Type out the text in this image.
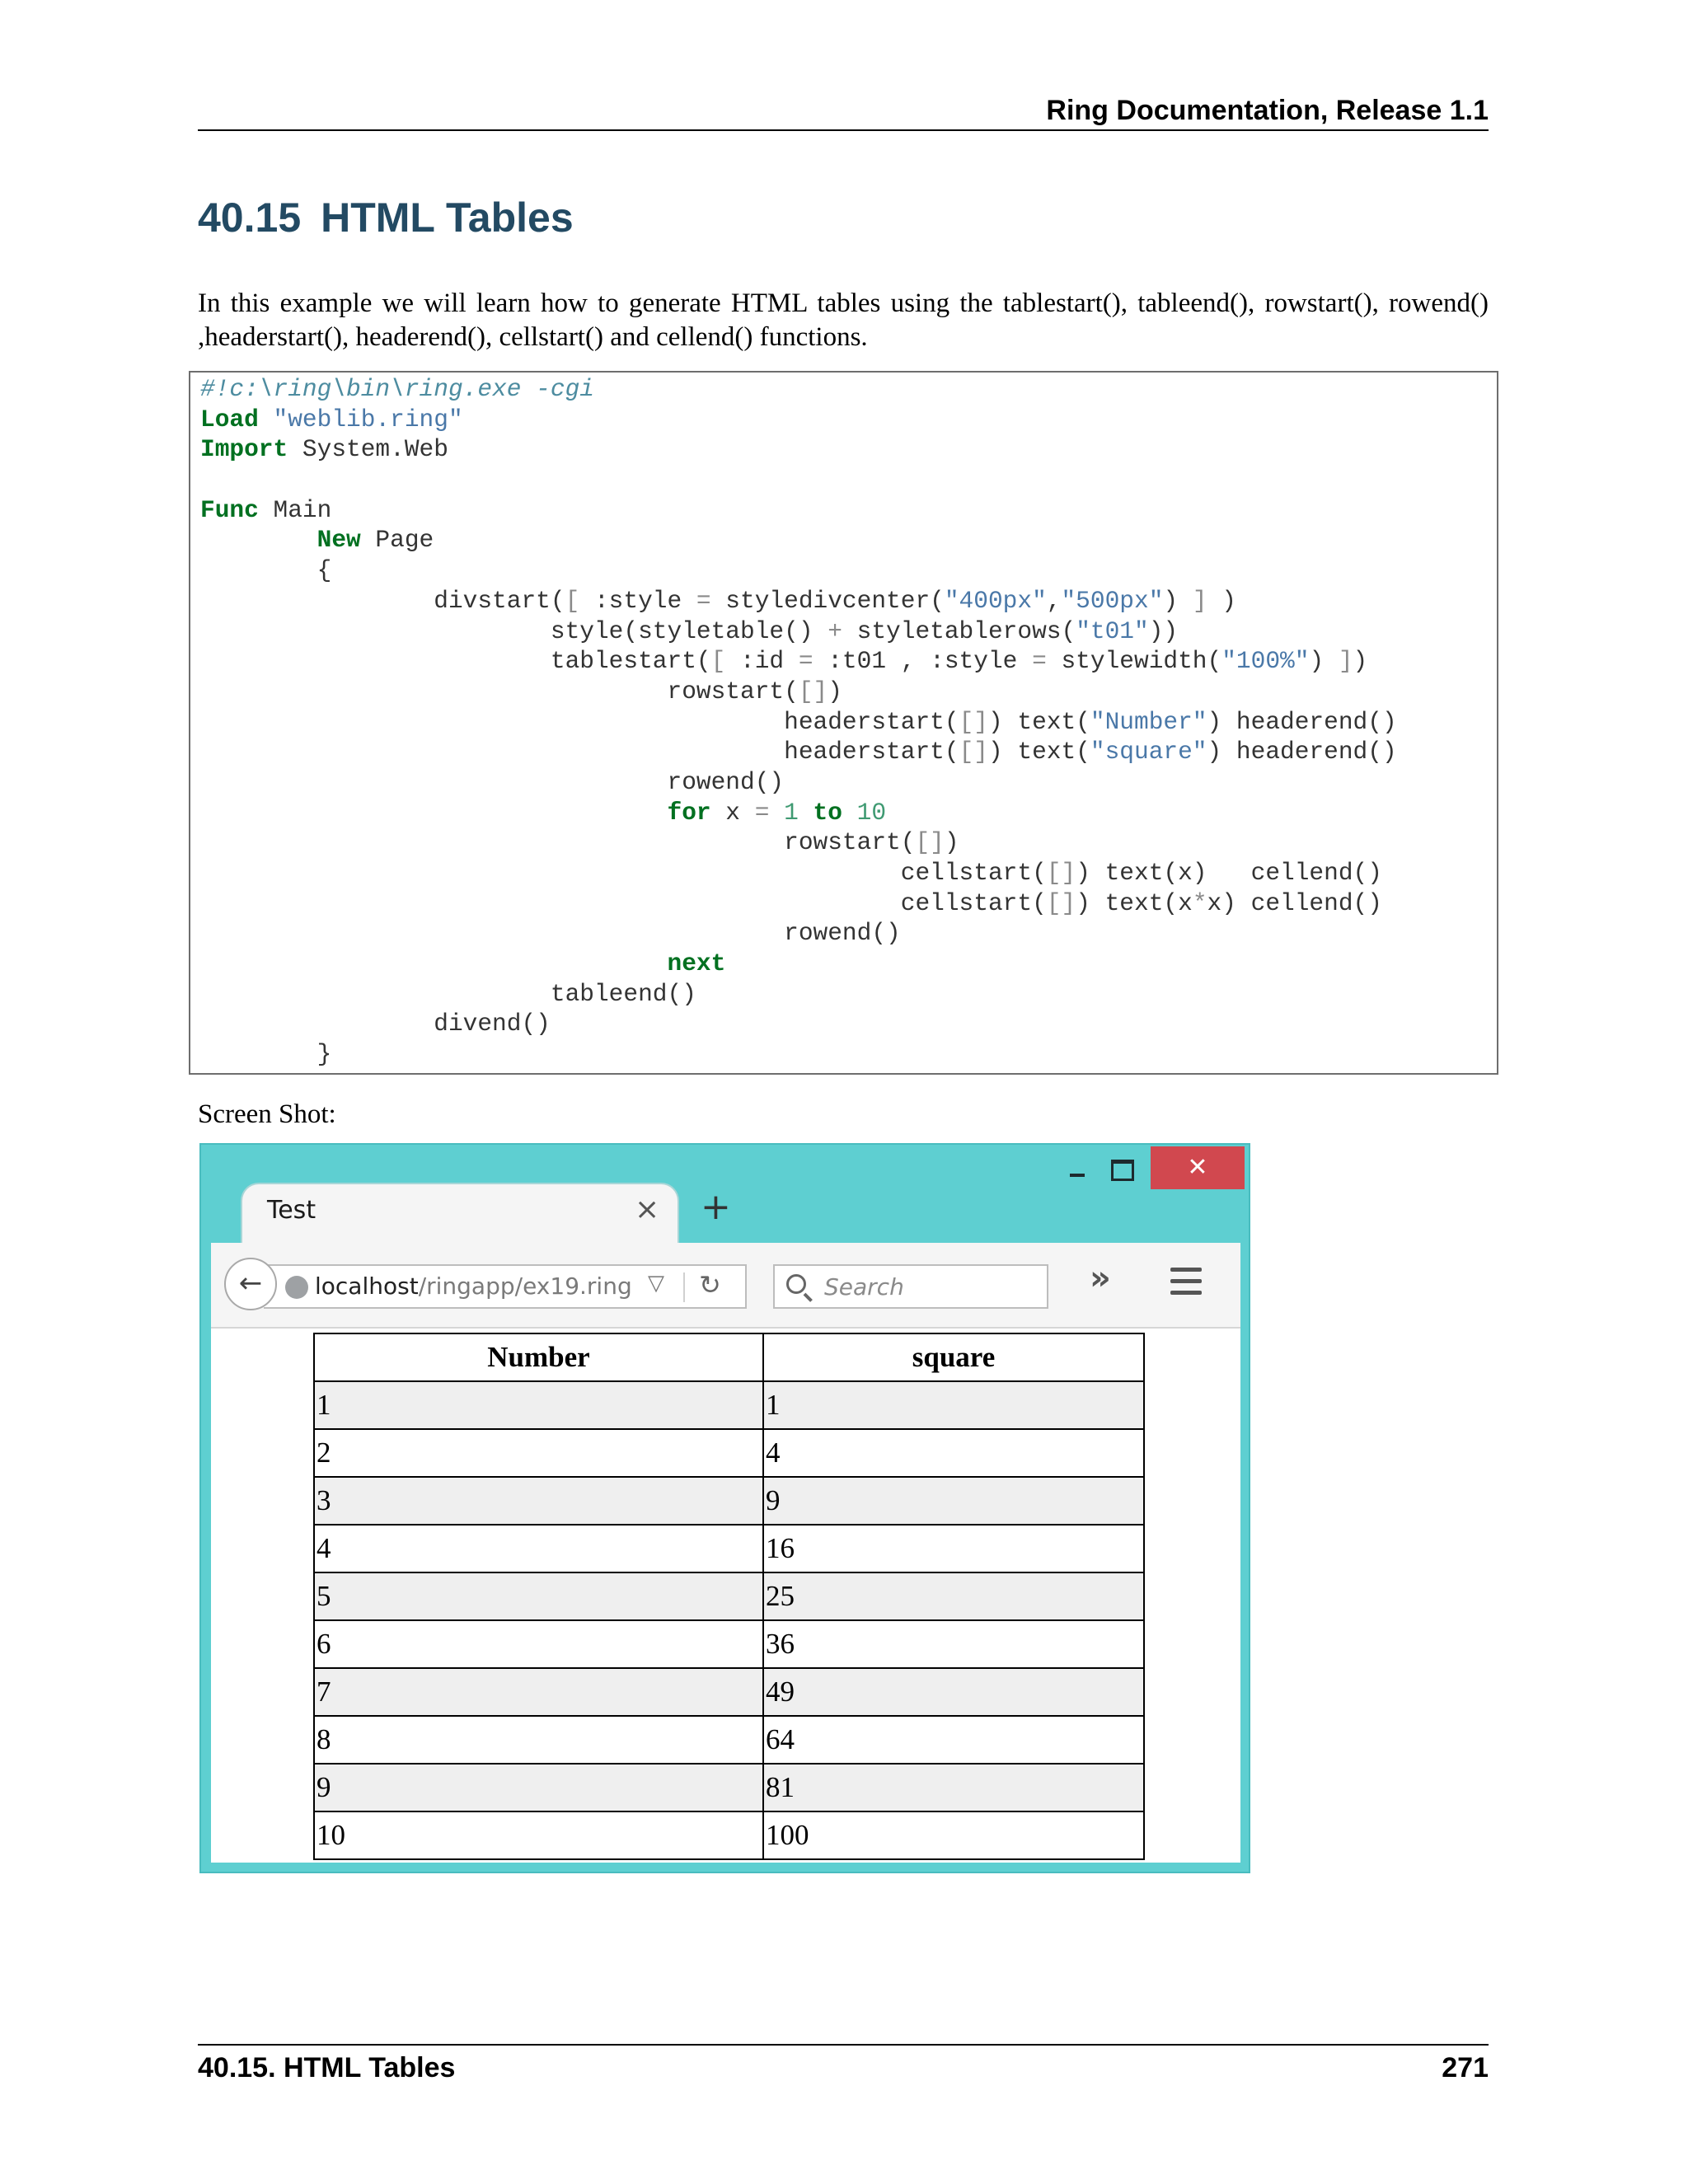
Ring Documentation, Release 1.1
40.15 HTML Tables

In this example we will learn how to generate HTML tables using the tablestart(), tableend(), rowstart(), rowend() ,headerstart(), headerend(), cellstart() and cellend() functions.

#!c:\ring\bin\ring.exe -cgi
Load "weblib.ring"
Import System.Web
Func Main
New Page
{
divstart([ :style = styledivcenter("400px","500px") ] )
style(styletable() + styletablerows("t01"))
tablestart([ :id = :t01 , :style = stylewidth("100%") ])
rowstart([])
headerstart([]) text("Number") headerend()
headerstart([]) text("square") headerend()
rowend()
for x = 1 to 10
rowstart([])
cellstart([]) text(x)   cellend()
cellstart([]) text(x*x) cellend()
rowend()
next
tableend()
divend()
}
Screen Shot:
✕
Test	× +
localhost/ringapp/ex19.ring ▽ ↻
←	Search	»
Number	square
1	1
2	4
3	9
4	16
5	25
6	36
7	49
8	64
9	81
10	100
40.15. HTML Tables	271
